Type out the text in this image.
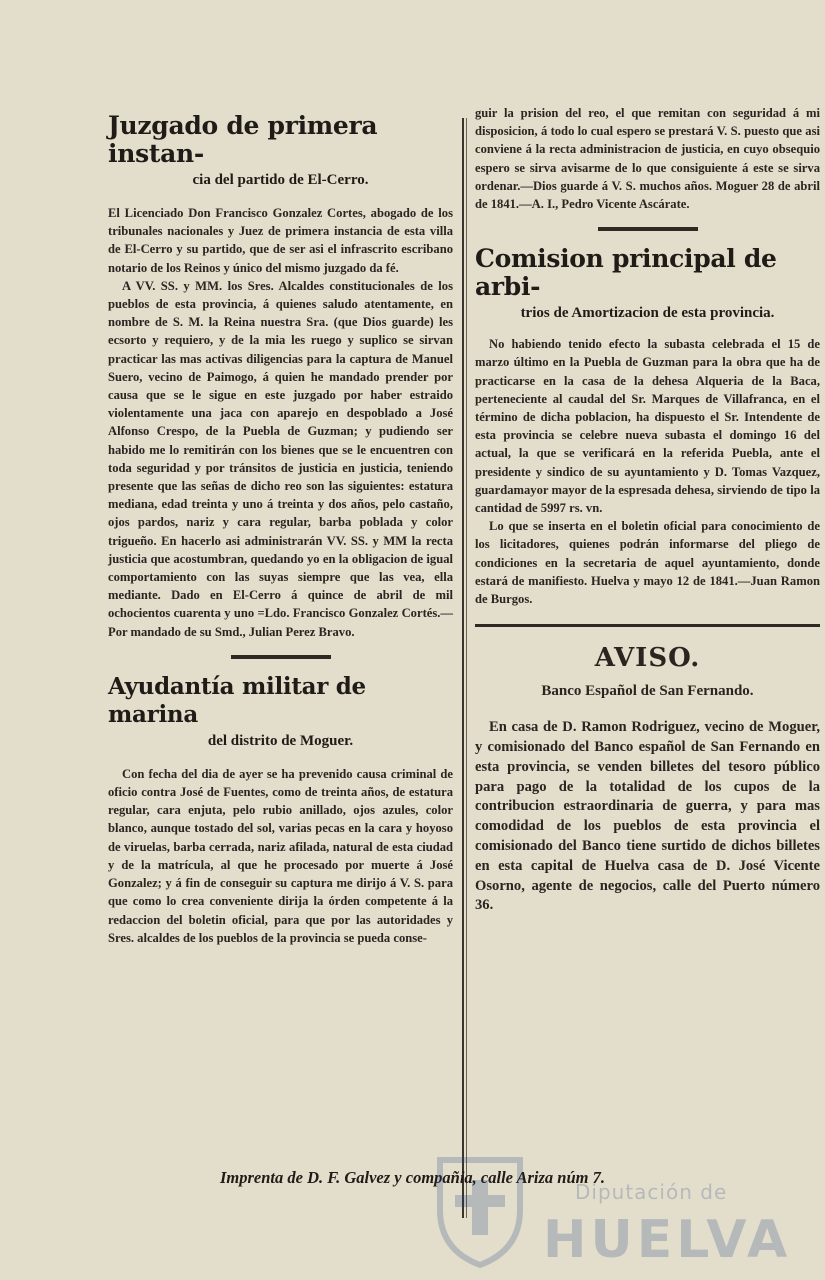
Juzgado de primera instan-
cia del partido de El-Cerro.

El Licenciado Don Francisco Gonzalez Cortes, abogado de los tribunales nacionales y Juez de primera instancia de esta villa de El-Cerro y su partido, que de ser asi el infrascrito escribano notario de los Reinos y único del mismo juzgado da fé.

A VV. SS. y MM. los Sres. Alcaldes constitucionales de los pueblos de esta provincia, á quienes saludo atentamente, en nombre de S. M. la Reina nuestra Sra. (que Dios guarde) les ecsorto y requiero, y de la mia les ruego y suplico se sirvan practicar las mas activas diligencias para la captura de Manuel Suero, vecino de Paimogo, á quien he mandado prender por causa que se le sigue en este juzgado por haber estraido violentamente una jaca con aparejo en despoblado a José Alfonso Crespo, de la Puebla de Guzman; y pudiendo ser habido me lo remitirán con los bienes que se le encuentren con toda seguridad y por tránsitos de justicia en justicia, teniendo presente que las señas de dicho reo son las siguientes: estatura mediana, edad treinta y uno á treinta y dos años, pelo castaño, ojos pardos, nariz y cara regular, barba poblada y color trigueño. En hacerlo asi administrarán VV. SS. y MM la recta justicia que acostumbran, quedando yo en la obligacion de igual comportamiento con las suyas siempre que las vea, ella mediante. Dado en El-Cerro á quince de abril de mil ochocientos cuarenta y uno =Ldo. Francisco Gonzalez Cortés.—Por mandado de su Smd., Julian Perez Bravo.

Ayudantía militar de marina
del distrito de Moguer.

Con fecha del dia de ayer se ha prevenido causa criminal de oficio contra José de Fuentes, como de treinta años, de estatura regular, cara enjuta, pelo rubio anillado, ojos azules, color blanco, aunque tostado del sol, varias pecas en la cara y hoyoso de viruelas, barba cerrada, nariz afilada, natural de esta ciudad y de la matrícula, al que he procesado por muerte á José Gonzalez; y á fin de conseguir su captura me dirijo á V. S. para que como lo crea conveniente dirija la órden competente á la redaccion del boletin oficial, para que por las autoridades y Sres. alcaldes de los pueblos de la provincia se pueda conse-

guir la prision del reo, el que remitan con seguridad á mi disposicion, á todo lo cual espero se prestará V. S. puesto que asi conviene á la recta administracion de justicia, en cuyo obsequio espero se sirva avisarme de lo que consiguiente á este se sirva ordenar.—Dios guarde á V. S. muchos años. Moguer 28 de abril de 1841.—A. I., Pedro Vicente Ascárate.

Comision principal de arbi-
trios de Amortizacion de esta provincia.

No habiendo tenido efecto la subasta celebrada el 15 de marzo último en la Puebla de Guzman para la obra que ha de practicarse en la casa de la dehesa Alqueria de la Baca, perteneciente al caudal del Sr. Marques de Villafranca, en el término de dicha poblacion, ha dispuesto el Sr. Intendente de esta provincia se celebre nueva subasta el domingo 16 del actual, la que se verificará en la referida Puebla, ante el presidente y sindico de su ayuntamiento y D. Tomas Vazquez, guardamayor mayor de la espresada dehesa, sirviendo de tipo la cantidad de 5997 rs. vn.

Lo que se inserta en el boletin oficial para conocimiento de los licitadores, quienes podrán informarse del pliego de condiciones en la secretaria de aquel ayuntamiento, donde estará de manifiesto. Huelva y mayo 12 de 1841.—Juan Ramon de Burgos.

AVISO.
Banco Español de San Fernando.

En casa de D. Ramon Rodriguez, vecino de Moguer, y comisionado del Banco español de San Fernando en esta provincia, se venden billetes del tesoro público para pago de la totalidad de los cupos de la contribucion estraordinaria de guerra, y para mas comodidad de los pueblos de esta provincia el comisionado del Banco tiene surtido de dichos billetes en esta capital de Huelva casa de D. José Vicente Osorno, agente de negocios, calle del Puerto número 36.

Imprenta de D. F. Galvez y compañia, calle Ariza núm 7.
Diputación de
HUELVA
